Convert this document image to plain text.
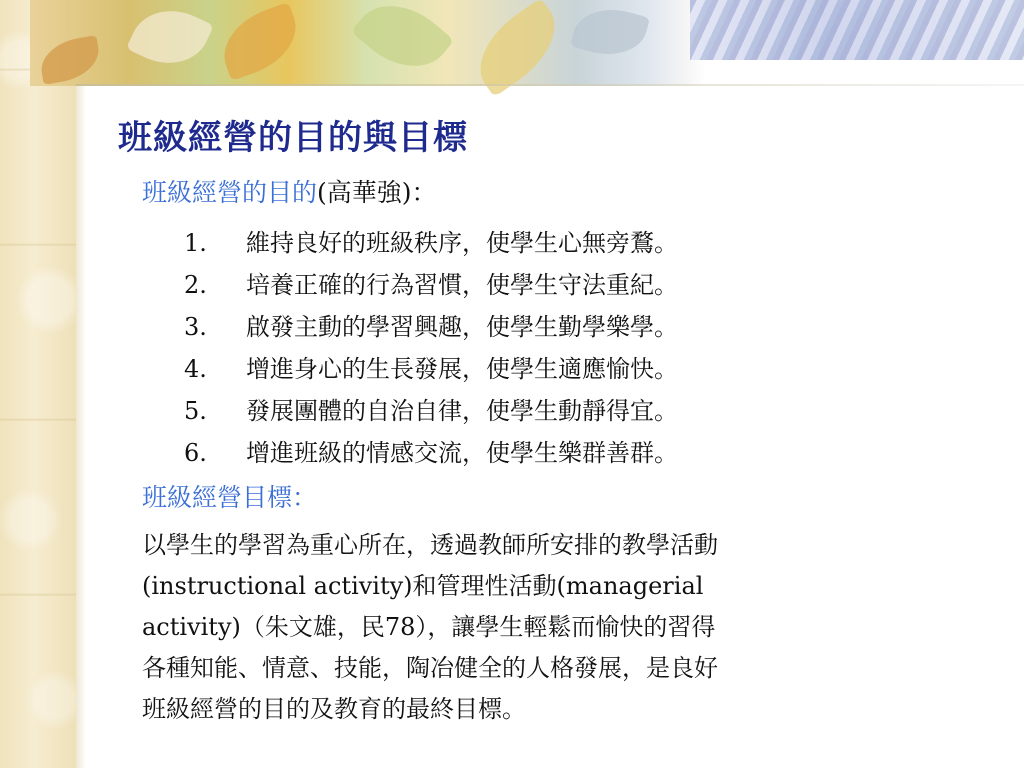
班級經營的目的與目標
班級經營的目的(高華強)：
1. 維持良好的班級秩序，使學生心無旁鶩。
2. 培養正確的行為習慣，使學生守法重紀。
3. 啟發主動的學習興趣，使學生勤學樂學。
4. 增進身心的生長發展，使學生適應愉快。
5. 發展團體的自治自律，使學生動靜得宜。
6. 增進班級的情感交流，使學生樂群善群。
班級經營目標：
以學生的學習為重心所在，透過教師所安排的教學活動
(instructional activity)和管理性活動(managerial
activity)（朱文雄，民78），讓學生輕鬆而愉快的習得
各種知能、情意、技能，陶冶健全的人格發展，是良好
班級經營的目的及教育的最終目標。
